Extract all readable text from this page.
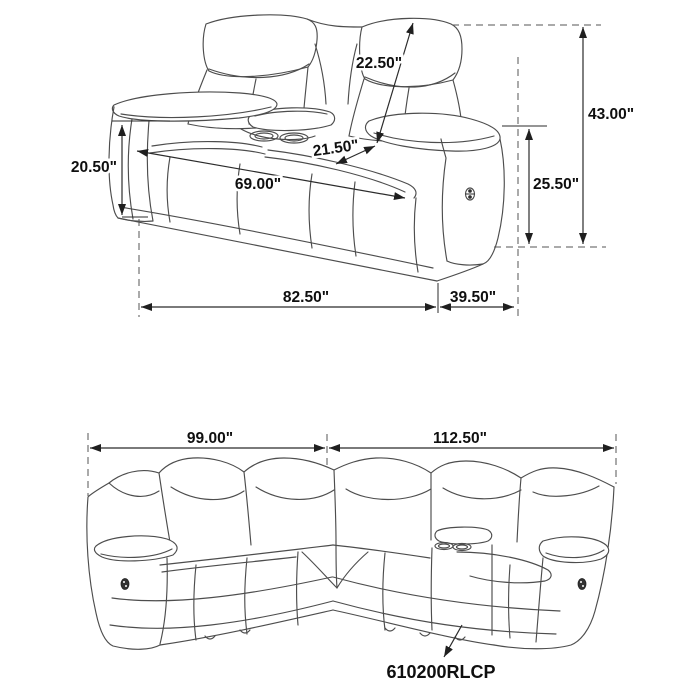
20.50"
22.50"
21.50"
69.00"	25.50"
43.00"
82.50"	39.50"
99.00"	112.50"
610200RLCP
